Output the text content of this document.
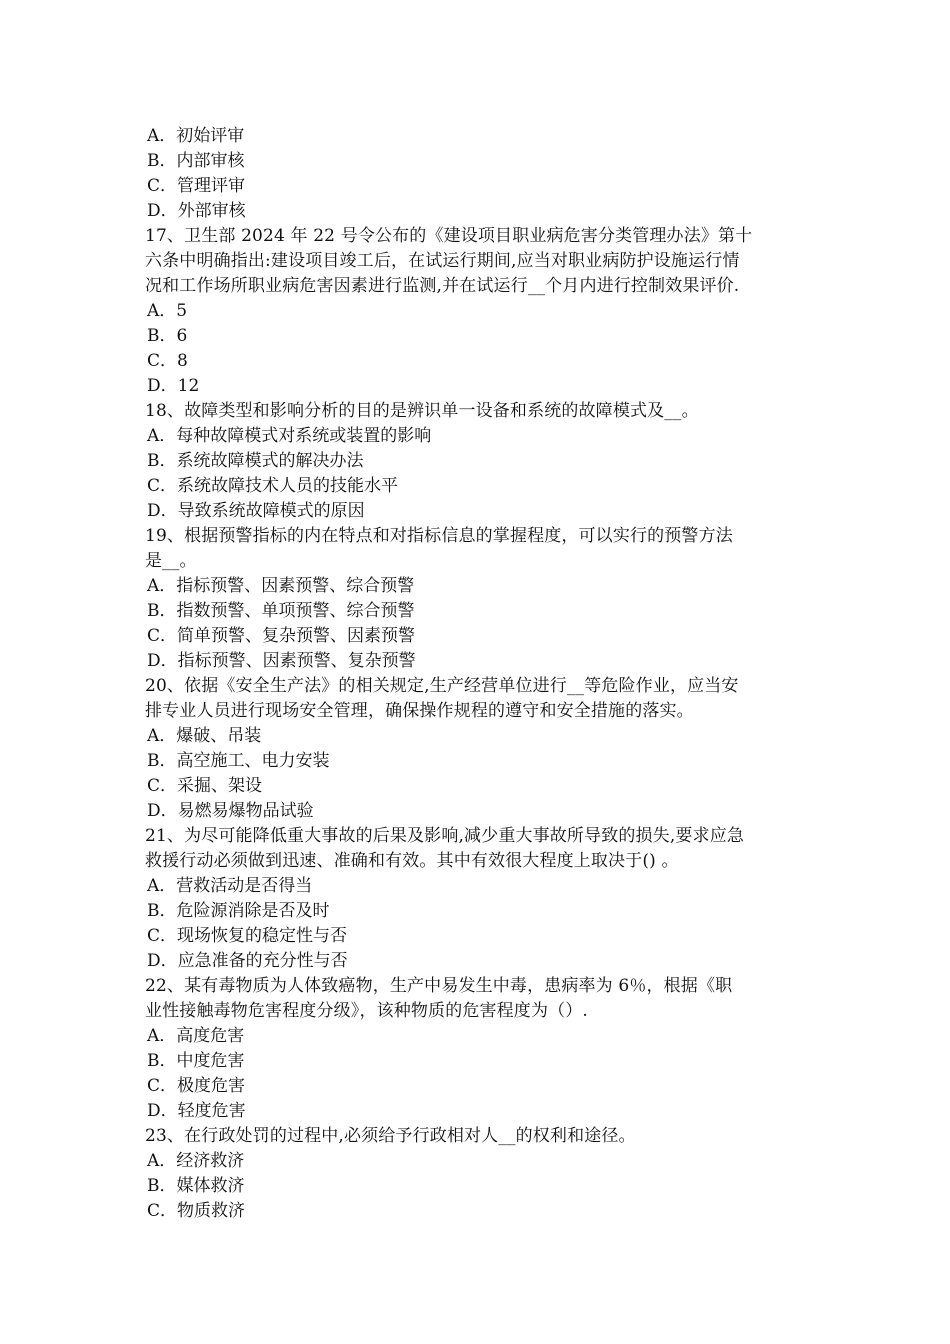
A．初始评审
B．内部审核
C．管理评审
D．外部审核
17、卫生部 2024 年 22 号令公布的《建设项目职业病危害分类管理办法》第十
六条中明确指出:建设项目竣工后，在试运行期间,应当对职业病防护设施运行情
况和工作场所职业病危害因素进行监测,并在试运行__个月内进行控制效果评价.
A．5
B．6
C．8
D．12
18、故障类型和影响分析的目的是辨识单一设备和系统的故障模式及__。
A．每种故障模式对系统或装置的影响
B．系统故障模式的解决办法
C．系统故障技术人员的技能水平
D．导致系统故障模式的原因
19、根据预警指标的内在特点和对指标信息的掌握程度，可以实行的预警方法
是__。
A．指标预警、因素预警、综合预警
B．指数预警、单项预警、综合预警
C．简单预警、复杂预警、因素预警
D．指标预警、因素预警、复杂预警
20、依据《安全生产法》的相关规定,生产经营单位进行__等危险作业，应当安
排专业人员进行现场安全管理，确保操作规程的遵守和安全措施的落实。
A．爆破、吊装
B．高空施工、电力安装
C．采掘、架设
D．易燃易爆物品试验
21、为尽可能降低重大事故的后果及影响,减少重大事故所导致的损失,要求应急
救援行动必须做到迅速、准确和有效。其中有效很大程度上取决于() 。
A．营救活动是否得当
B．危险源消除是否及时
C．现场恢复的稳定性与否
D．应急准备的充分性与否
22、某有毒物质为人体致癌物，生产中易发生中毒，患病率为 6％，根据《职
业性接触毒物危害程度分级》，该种物质的危害程度为（）.
A．高度危害
B．中度危害
C．极度危害
D．轻度危害
23、在行政处罚的过程中,必须给予行政相对人__的权利和途径。
A．经济救济
B．媒体救济
C．物质救济
